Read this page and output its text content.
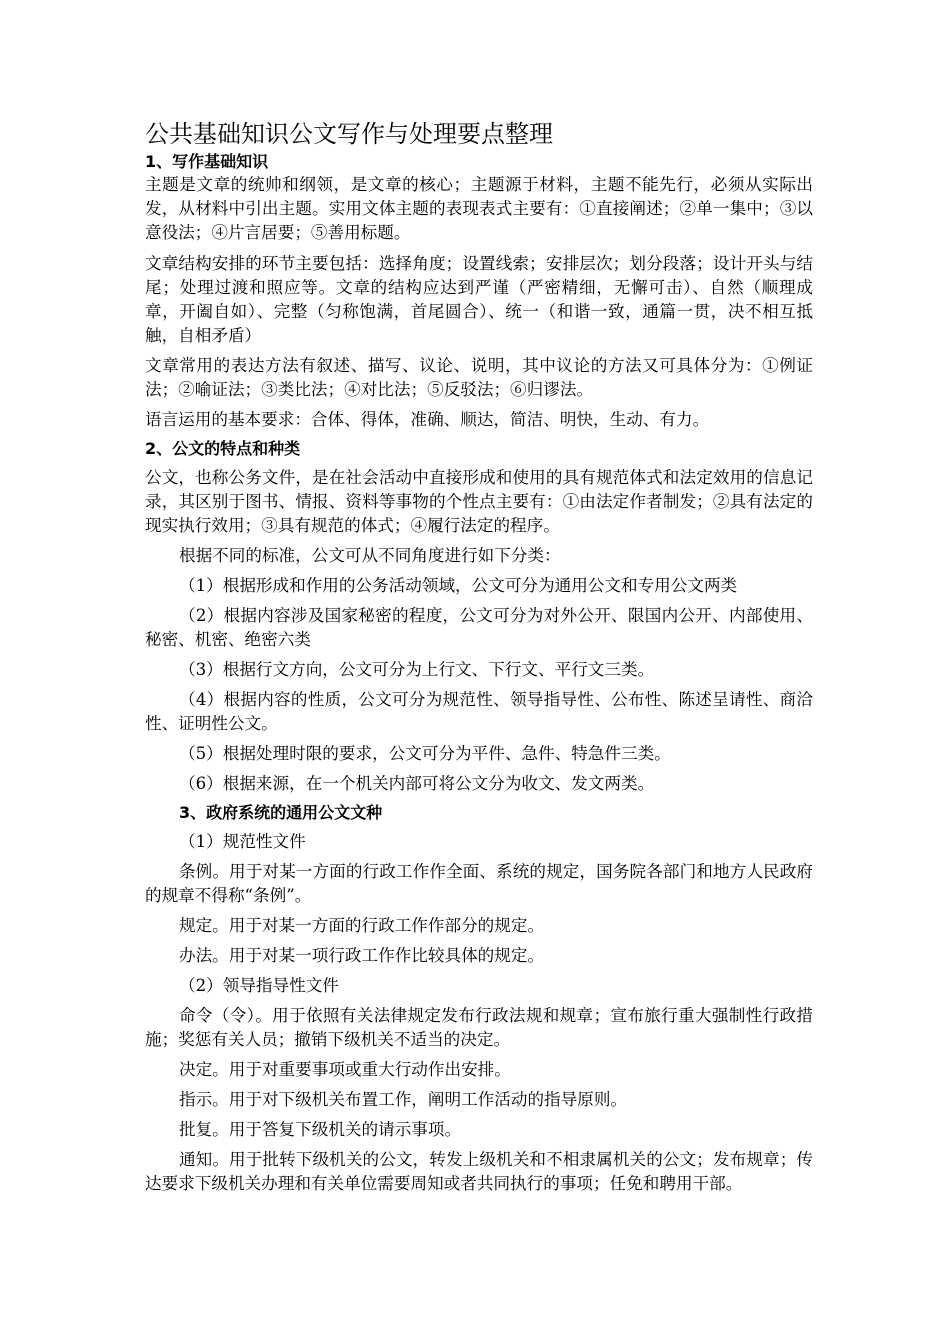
公共基础知识公文写作与处理要点整理
1、写作基础知识

主题是文章的统帅和纲领，是文章的核心；主题源于材料，主题不能先行，必须从实际出发，从材料中引出主题。实用文体主题的表现表式主要有：①直接阐述；②单一集中；③以意役法；④片言居要；⑤善用标题。

文章结构安排的环节主要包括：选择角度；设置线索；安排层次；划分段落；设计开头与结尾；处理过渡和照应等。文章的结构应达到严谨（严密精细，无懈可击）、自然（顺理成章，开阖自如）、完整（匀称饱满，首尾圆合）、统一（和谐一致，通篇一贯，决不相互抵触，自相矛盾）

文章常用的表达方法有叙述、描写、议论、说明，其中议论的方法又可具体分为：①例证法；②喻证法；③类比法；④对比法；⑤反驳法；⑥归谬法。

语言运用的基本要求：合体、得体，准确、顺达，简洁、明快，生动、有力。

2、公文的特点和种类

公文，也称公务文件，是在社会活动中直接形成和使用的具有规范体式和法定效用的信息记录，其区别于图书、情报、资料等事物的个性点主要有：①由法定作者制发；②具有法定的现实执行效用；③具有规范的体式；④履行法定的程序。

根据不同的标准，公文可从不同角度进行如下分类：

（1）根据形成和作用的公务活动领域，公文可分为通用公文和专用公文两类

（2）根据内容涉及国家秘密的程度，公文可分为对外公开、限国内公开、内部使用、秘密、机密、绝密六类

（3）根据行文方向，公文可分为上行文、下行文、平行文三类。

（4）根据内容的性质，公文可分为规范性、领导指导性、公布性、陈述呈请性、商洽性、证明性公文。

（5）根据处理时限的要求，公文可分为平件、急件、特急件三类。

（6）根据来源，在一个机关内部可将公文分为收文、发文两类。

3、政府系统的通用公文文种

（1）规范性文件

条例。用于对某一方面的行政工作作全面、系统的规定，国务院各部门和地方人民政府的规章不得称“条例”。

规定。用于对某一方面的行政工作作部分的规定。

办法。用于对某一项行政工作作比较具体的规定。

（2）领导指导性文件

命令（令）。用于依照有关法律规定发布行政法规和规章；宣布旅行重大强制性行政措施；奖惩有关人员；撤销下级机关不适当的决定。

决定。用于对重要事项或重大行动作出安排。

指示。用于对下级机关布置工作，阐明工作活动的指导原则。

批复。用于答复下级机关的请示事项。

通知。用于批转下级机关的公文，转发上级机关和不相隶属机关的公文；发布规章；传达要求下级机关办理和有关单位需要周知或者共同执行的事项；任免和聘用干部。
